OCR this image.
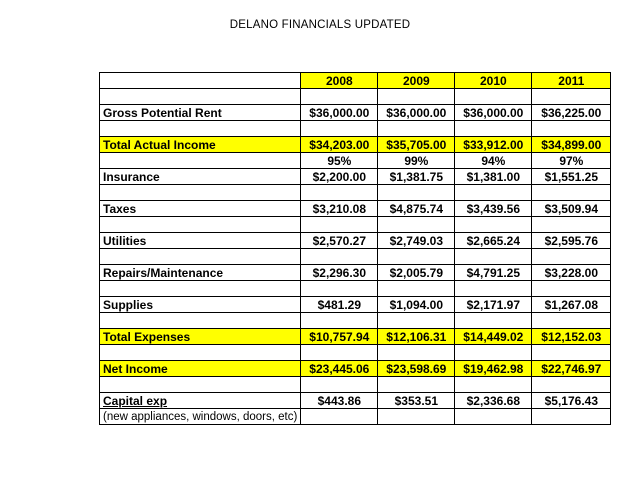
DELANO FINANCIALS UPDATED
	2008	2009	2010	2011

Gross Potential Rent	$36,000.00	$36,000.00	$36,000.00	$36,225.00

Total Actual Income	$34,203.00	$35,705.00	$33,912.00	$34,899.00
	95%	99%	94%	97%
Insurance	$2,200.00	$1,381.75	$1,381.00	$1,551.25

Taxes	$3,210.08	$4,875.74	$3,439.56	$3,509.94

Utilities	$2,570.27	$2,749.03	$2,665.24	$2,595.76

Repairs/Maintenance	$2,296.30	$2,005.79	$4,791.25	$3,228.00

Supplies	$481.29	$1,094.00	$2,171.97	$1,267.08

Total Expenses	$10,757.94	$12,106.31	$14,449.02	$12,152.03

Net Income	$23,445.06	$23,598.69	$19,462.98	$22,746.97

Capital exp	$443.86	$353.51	$2,336.68	$5,176.43
(new appliances, windows, doors, etc)				
